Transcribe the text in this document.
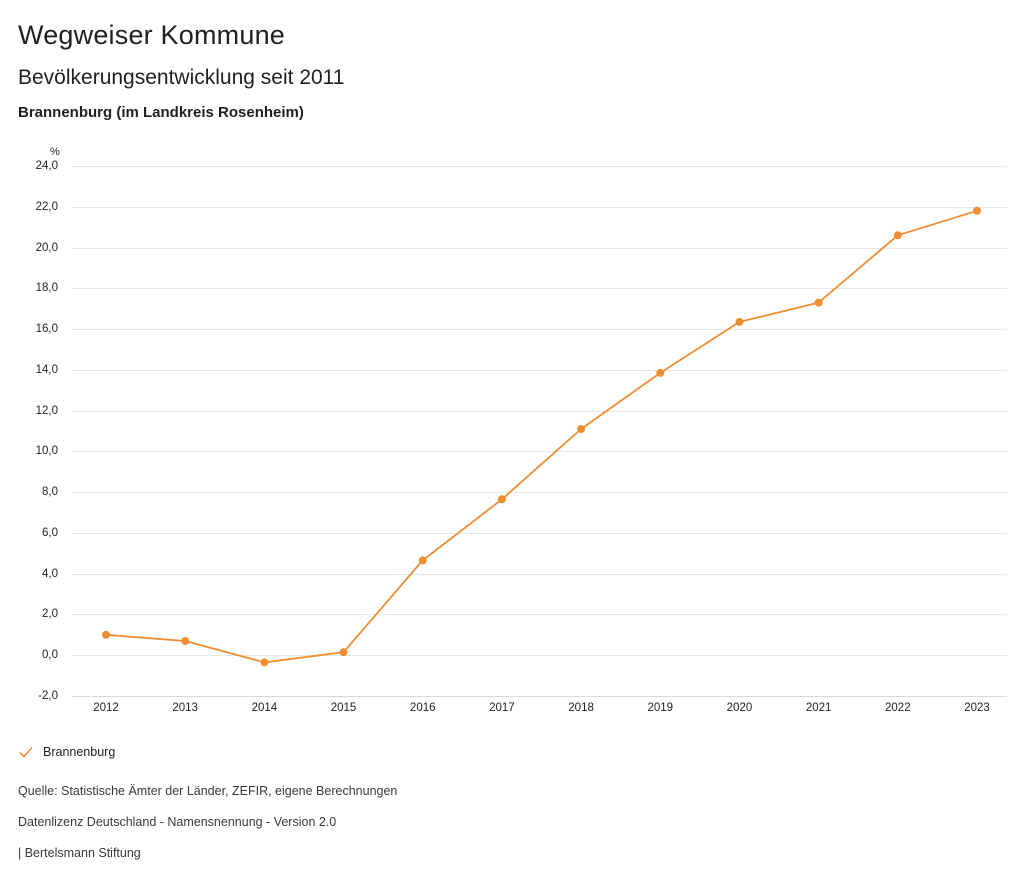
Wegweiser Kommune
Bevölkerungsentwicklung seit 2011
Brannenburg (im Landkreis Rosenheim)
%
-2,0
0,0
2,0
4,0
6,0
8,0
10,0
12,0
14,0
16,0
18,0
20,0
22,0
24,0
2012	2013	2014	2015	2016	2017	2018	2019	2020	2021	2022	2023
Brannenburg
Quelle: Statistische Ämter der Länder, ZEFIR, eigene Berechnungen
Datenlizenz Deutschland - Namensnennung - Version 2.0
| Bertelsmann Stiftung
